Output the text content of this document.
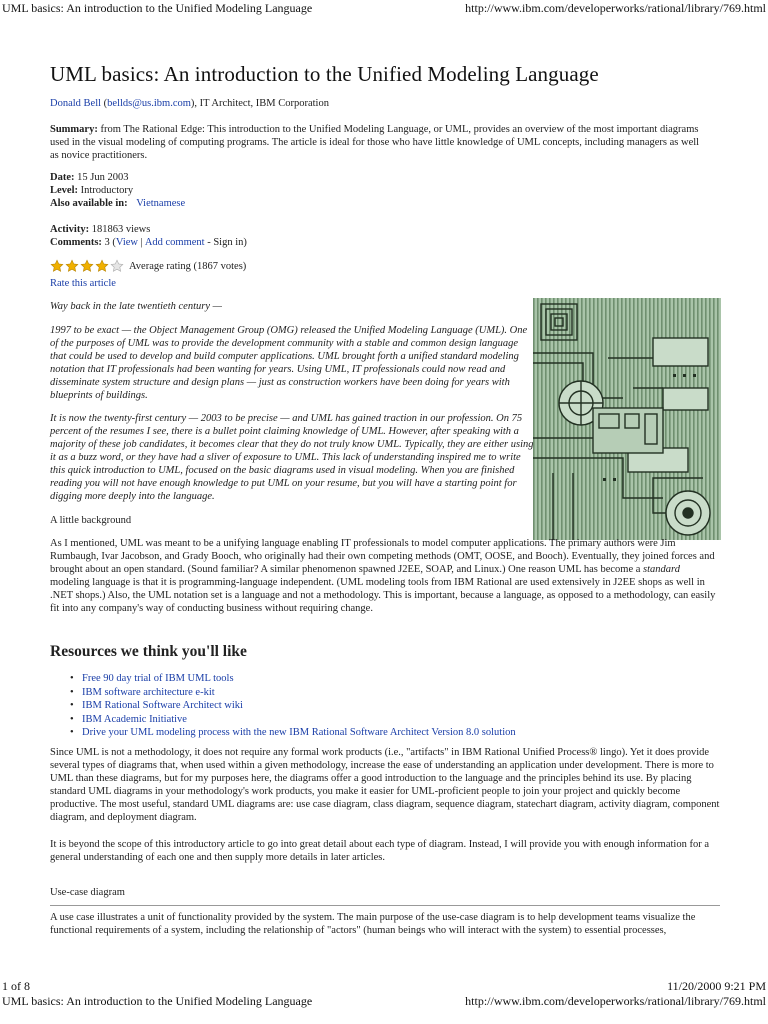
UML basics: An introduction to the Unified Modeling Language	http://www.ibm.com/developerworks/rational/library/769.html
UML basics: An introduction to the Unified Modeling Language
Donald Bell (bellds@us.ibm.com), IT Architect, IBM Corporation
Summary: from The Rational Edge: This introduction to the Unified Modeling Language, or UML, provides an overview of the most important diagrams used in the visual modeling of computing programs. The article is ideal for those who have little knowledge of UML concepts, including managers as well as novice practitioners.
Date: 15 Jun 2003
Level: Introductory
Also available in: Vietnamese
Activity: 181863 views
Comments: 3 (View | Add comment - Sign in)
Average rating (1867 votes)
Rate this article
Way back in the late twentieth century —
1997 to be exact — the Object Management Group (OMG) released the Unified Modeling Language (UML). One of the purposes of UML was to provide the development community with a stable and common design language that could be used to develop and build computer applications. UML brought forth a unified standard modeling notation that IT professionals had been wanting for years. Using UML, IT professionals could now read and disseminate system structure and design plans — just as construction workers have been doing for years with blueprints of buildings.
It is now the twenty-first century — 2003 to be precise — and UML has gained traction in our profession. On 75 percent of the resumes I see, there is a bullet point claiming knowledge of UML. However, after speaking with a majority of these job candidates, it becomes clear that they do not truly know UML. Typically, they are either using it as a buzz word, or they have had a sliver of exposure to UML. This lack of understanding inspired me to write this quick introduction to UML, focused on the basic diagrams used in visual modeling. When you are finished reading you will not have enough knowledge to put UML on your resume, but you will have a starting point for digging more deeply into the language.
A little background
As I mentioned, UML was meant to be a unifying language enabling IT professionals to model computer applications. The primary authors were Jim Rumbaugh, Ivar Jacobson, and Grady Booch, who originally had their own competing methods (OMT, OOSE, and Booch). Eventually, they joined forces and brought about an open standard. (Sound familiar? A similar phenomenon spawned J2EE, SOAP, and Linux.) One reason UML has become a standard modeling language is that it is programming-language independent. (UML modeling tools from IBM Rational are used extensively in J2EE shops as well in .NET shops.) Also, the UML notation set is a language and not a methodology. This is important, because a language, as opposed to a methodology, can easily fit into any company's way of conducting business without requiring change.
Resources we think you'll like
• Free 90 day trial of IBM UML tools
• IBM software architecture e-kit
• IBM Rational Software Architect wiki
• IBM Academic Initiative
• Drive your UML modeling process with the new IBM Rational Software Architect Version 8.0 solution
Since UML is not a methodology, it does not require any formal work products (i.e., "artifacts" in IBM Rational Unified Process® lingo). Yet it does provide several types of diagrams that, when used within a given methodology, increase the ease of understanding an application under development. There is more to UML than these diagrams, but for my purposes here, the diagrams offer a good introduction to the language and the principles behind its use. By placing standard UML diagrams in your methodology's work products, you make it easier for UML-proficient people to join your project and quickly become productive. The most useful, standard UML diagrams are: use case diagram, class diagram, sequence diagram, statechart diagram, activity diagram, component diagram, and deployment diagram.
It is beyond the scope of this introductory article to go into great detail about each type of diagram. Instead, I will provide you with enough information for a general understanding of each one and then supply more details in later articles.
Use-case diagram
A use case illustrates a unit of functionality provided by the system. The main purpose of the use-case diagram is to help development teams visualize the functional requirements of a system, including the relationship of "actors" (human beings who will interact with the system) to essential processes,
1 of 8	11/20/2000 9:21 PM
UML basics: An introduction to the Unified Modeling Language	http://www.ibm.com/developerworks/rational/library/769.html
